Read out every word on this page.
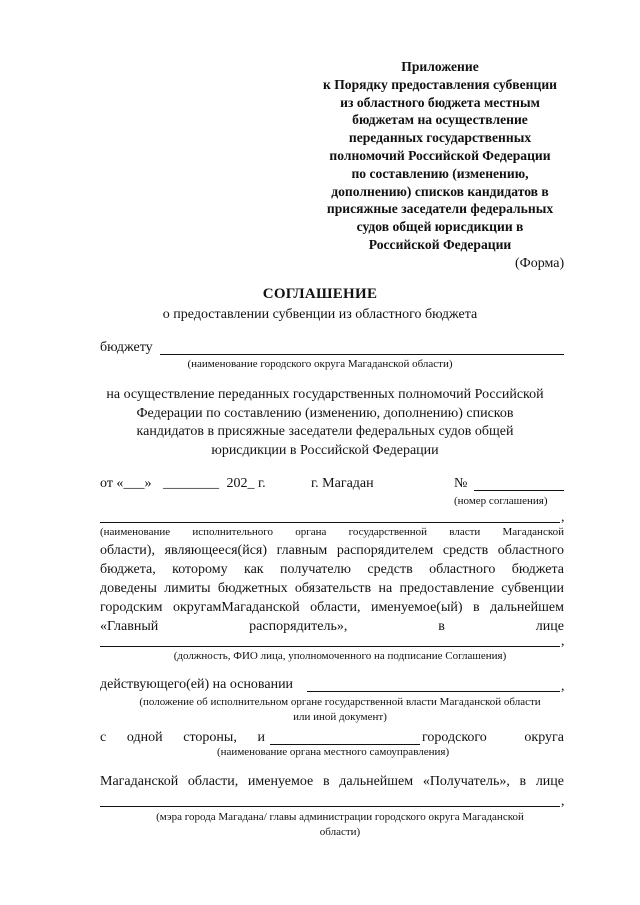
Приложение
к Порядку предоставления субвенции
из областного бюджета местным
бюджетам на осуществление
переданных государственных
полномочий Российской Федерации
по составлению (изменению,
дополнению) списков кандидатов в
присяжные заседатели федеральных
судов общей юрисдикции в
Российской Федерации
(Форма)
СОГЛАШЕНИЕ
о предоставлении субвенции из областного бюджета
бюджету
(наименование городского округа Магаданской области)
на осуществление переданных государственных полномочий Российской
Федерации по составлению (изменению, дополнению) списков
кандидатов в присяжные заседатели федеральных судов общей
юрисдикции в Российской Федерации
от «___» ________ 202_ г.	г. Магадан	№
(номер соглашения)
,
(наименование исполнительного органа государственной власти Магаданской
области), являющееся(йся) главным распорядителем средств областного
бюджета, которому как получателю средств областного бюджета
доведены лимиты бюджетных обязательств на предоставление субвенции
городским округамМагаданской области, именуемое(ый) в дальнейшем
«Главный распорядитель», в лице
,
(должность, ФИО лица, уполномоченного на подписание Соглашения)
действующего(ей) на основании	,
(положение об исполнительном органе государственной власти Магаданской области
или иной документ)
с одной стороны, и	городского округа
(наименование органа местного самоуправления)
Магаданской области, именуемое в дальнейшем «Получатель», в лице
,
(мэра города Магадана/ главы администрации городского округа Магаданской
области)
